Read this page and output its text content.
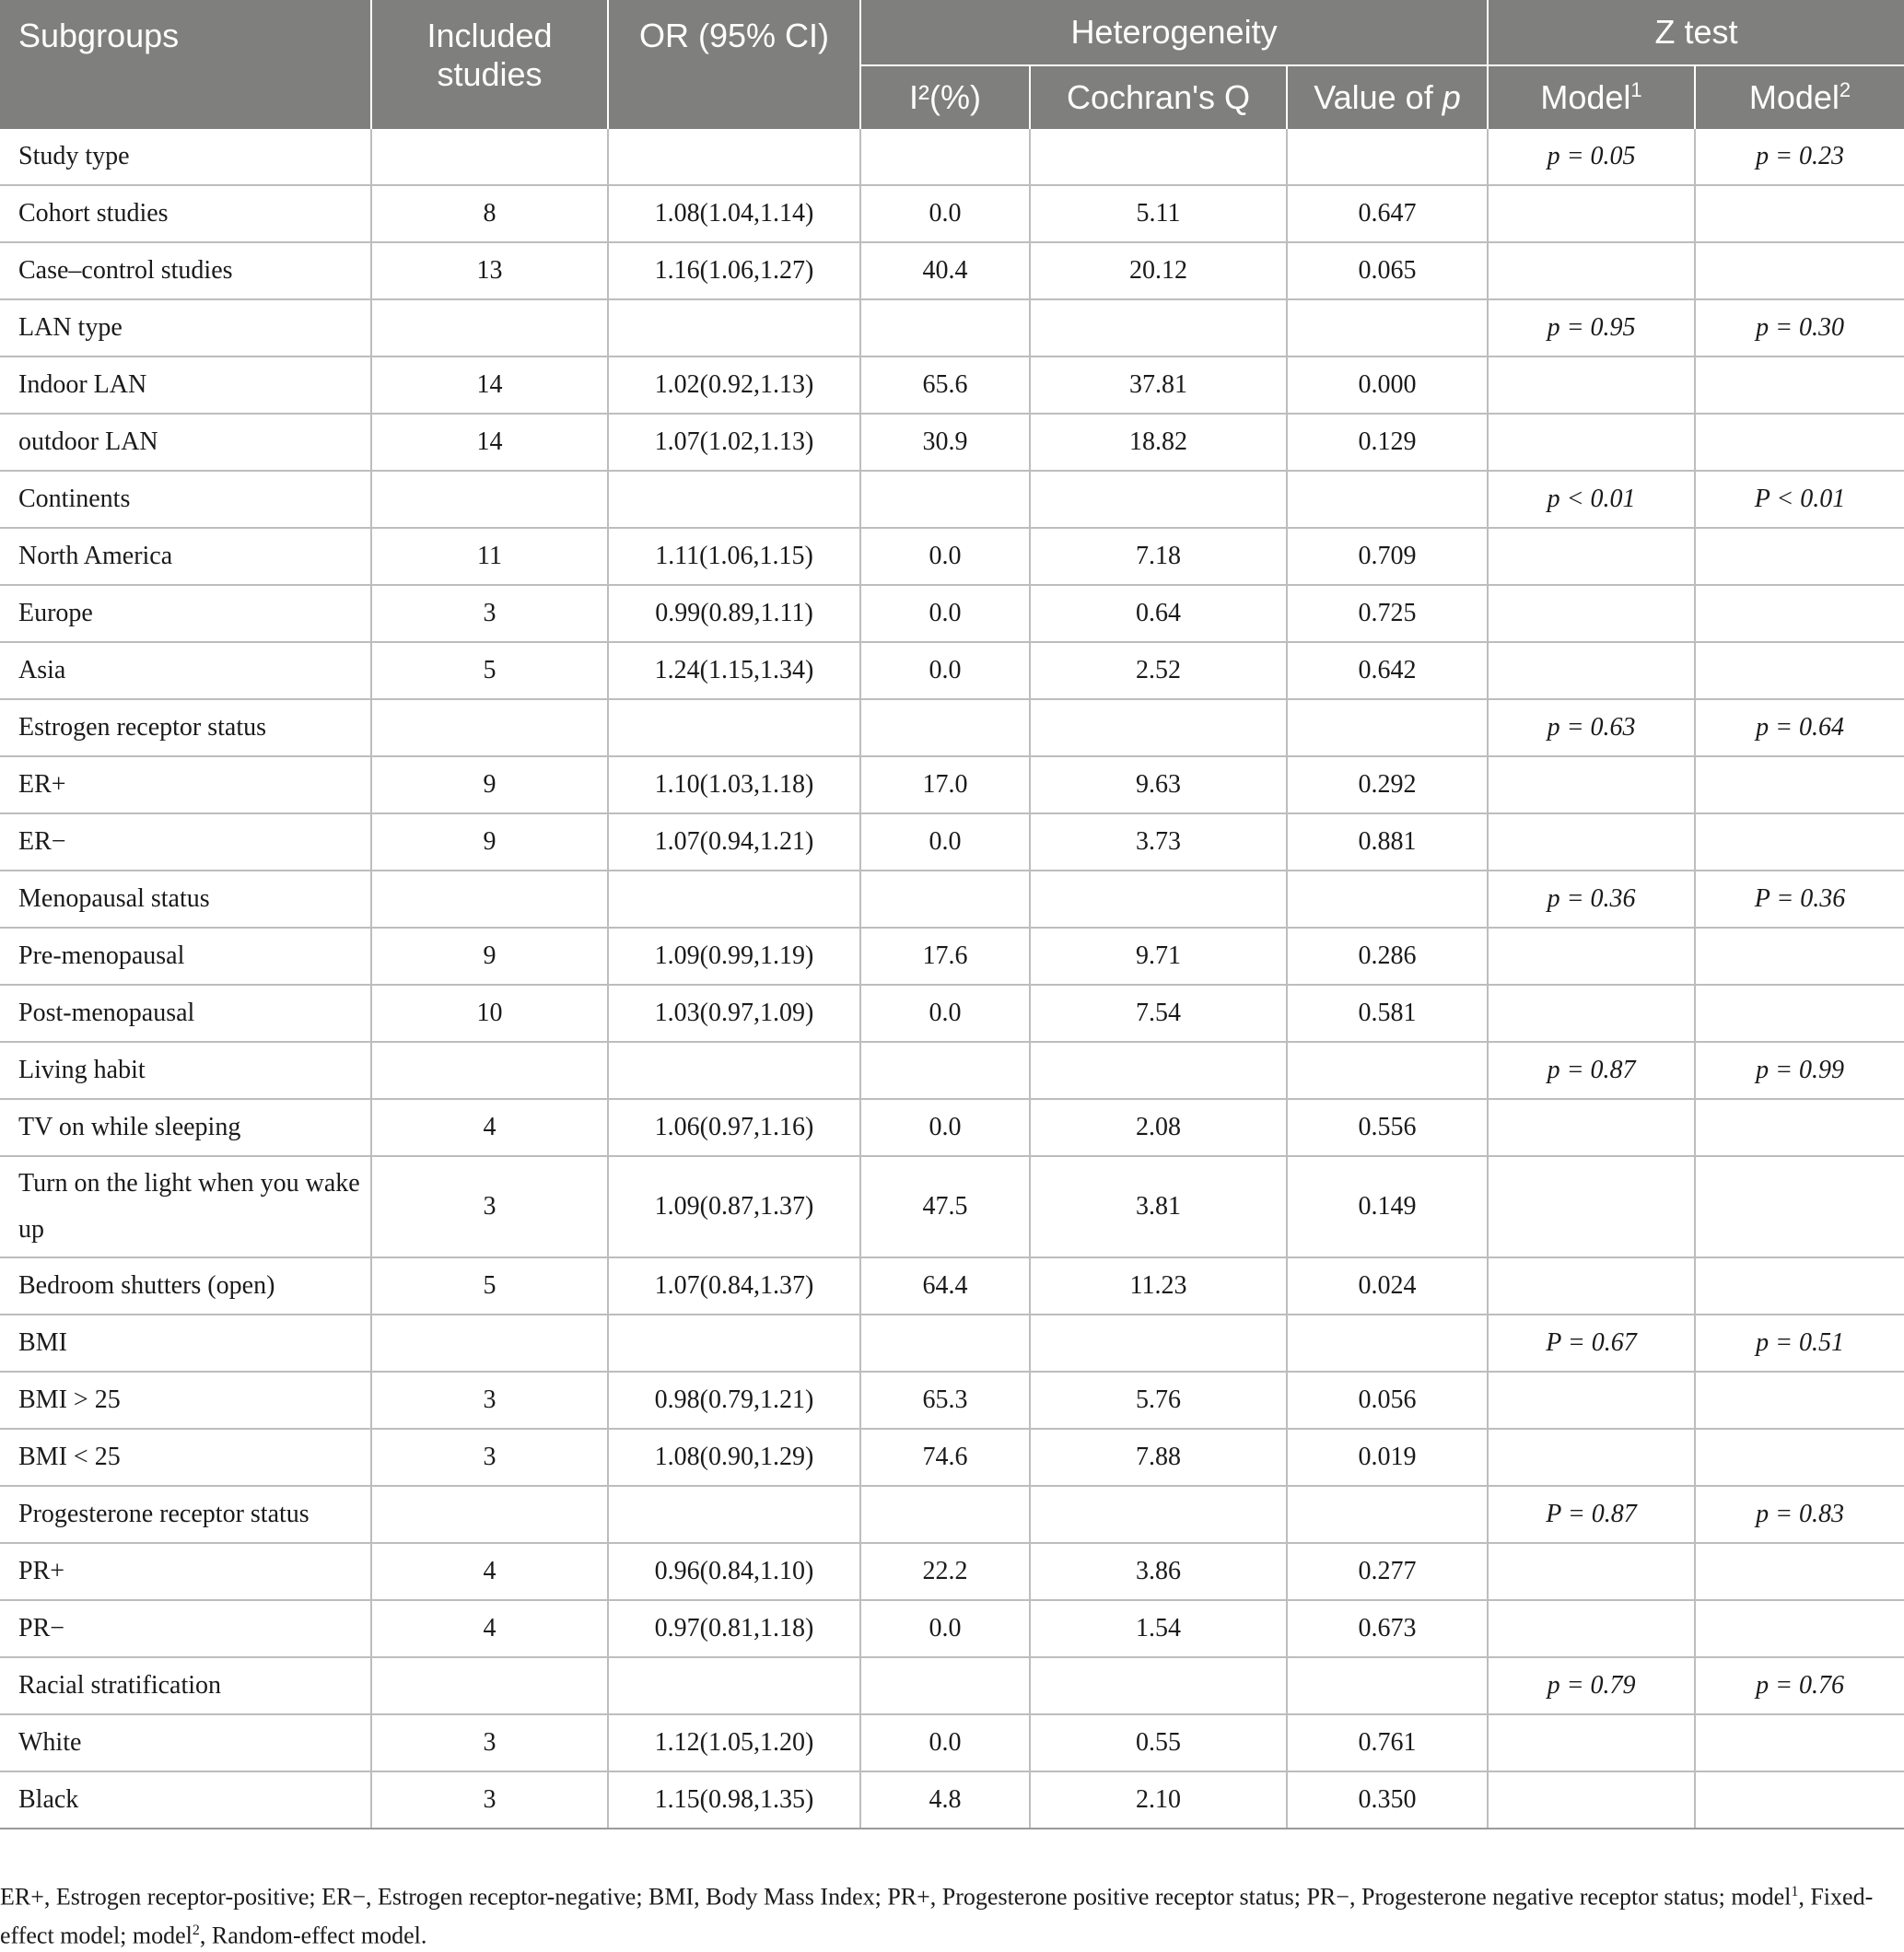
Subgroups	Included studies	OR (95% CI)	Heterogeneity			Z test	
			I²(%)	Cochran's Q	Value of p	Model$^1$	Model$^2$
Study type						p = 0.05	p = 0.23
Cohort studies	8	1.08(1.04,1.14)	0.0	5.11	0.647		
Case–control studies	13	1.16(1.06,1.27)	40.4	20.12	0.065		
LAN type						p = 0.95	p = 0.30
Indoor LAN	14	1.02(0.92,1.13)	65.6	37.81	0.000		
outdoor LAN	14	1.07(1.02,1.13)	30.9	18.82	0.129		
Continents						p < 0.01	P < 0.01
North America	11	1.11(1.06,1.15)	0.0	7.18	0.709		
Europe	3	0.99(0.89,1.11)	0.0	0.64	0.725		
Asia	5	1.24(1.15,1.34)	0.0	2.52	0.642		
Estrogen receptor status						p = 0.63	p = 0.64
ER+	9	1.10(1.03,1.18)	17.0	9.63	0.292		
ER−	9	1.07(0.94,1.21)	0.0	3.73	0.881		
Menopausal status						p = 0.36	P = 0.36
Pre-menopausal	9	1.09(0.99,1.19)	17.6	9.71	0.286		
Post-menopausal	10	1.03(0.97,1.09)	0.0	7.54	0.581		
Living habit						p = 0.87	p = 0.99
TV on while sleeping	4	1.06(0.97,1.16)	0.0	2.08	0.556		
Turn on the light when you wake up	3	1.09(0.87,1.37)	47.5	3.81	0.149		
Bedroom shutters (open)	5	1.07(0.84,1.37)	64.4	11.23	0.024		
BMI						P = 0.67	p = 0.51
BMI > 25	3	0.98(0.79,1.21)	65.3	5.76	0.056		
BMI < 25	3	1.08(0.90,1.29)	74.6	7.88	0.019		
Progesterone receptor status						P = 0.87	p = 0.83
PR+	4	0.96(0.84,1.10)	22.2	3.86	0.277		
PR−	4	0.97(0.81,1.18)	0.0	1.54	0.673		
Racial stratification						p = 0.79	p = 0.76
White	3	1.12(1.05,1.20)	0.0	0.55	0.761		
Black	3	1.15(0.98,1.35)	4.8	2.10	0.350		
ER+, Estrogen receptor-positive; ER−, Estrogen receptor-negative; BMI, Body Mass Index; PR+, Progesterone positive receptor status; PR−, Progesterone negative receptor status; model$^1$, Fixed-effect model; model$^2$, Random-effect model.
